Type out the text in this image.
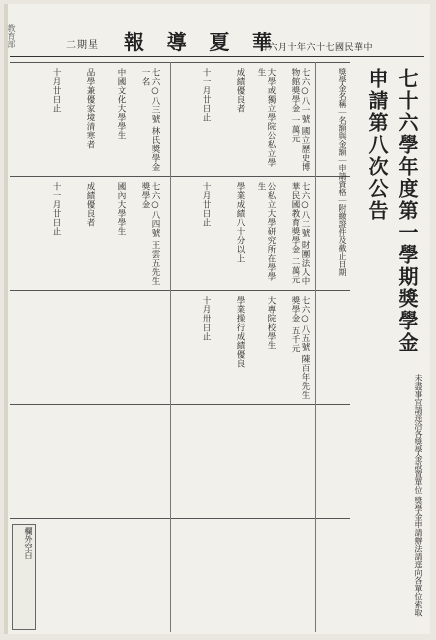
教育部	二期星 報 導 夏 華
日六月十年六十七國民華中
七十六學年度第一學期獎學金申請第八次公告
七六○八一號 國立歷史博物館獎學金 一萬元
大學或獨立學院公私立學生
成績優良者
十一月廿日止
七六○八二號 財團法人中華民國教育獎學金 二萬元
公私立大學研究所在學學生
學業成績八十分以上
十月廿日止
七六○八三號 林氏獎學金 一名
中國文化大學學生
品學兼優家境清寒者
十月廿日止
七六○八四號 王雲五先生獎學金
國內大學學生
成績優良者
十一月廿日止
七六○八五號 陳百年先生獎學金 五千元
大專院校學生
學業操行成績優良
十月卅日止
獎學金名稱｜名額與金額｜申請資格｜附繳證件及截止日期
未盡事宜請逕洽各獎學金設置單位 獎學金申請辦法請逕向各單位索取
欄外空白
